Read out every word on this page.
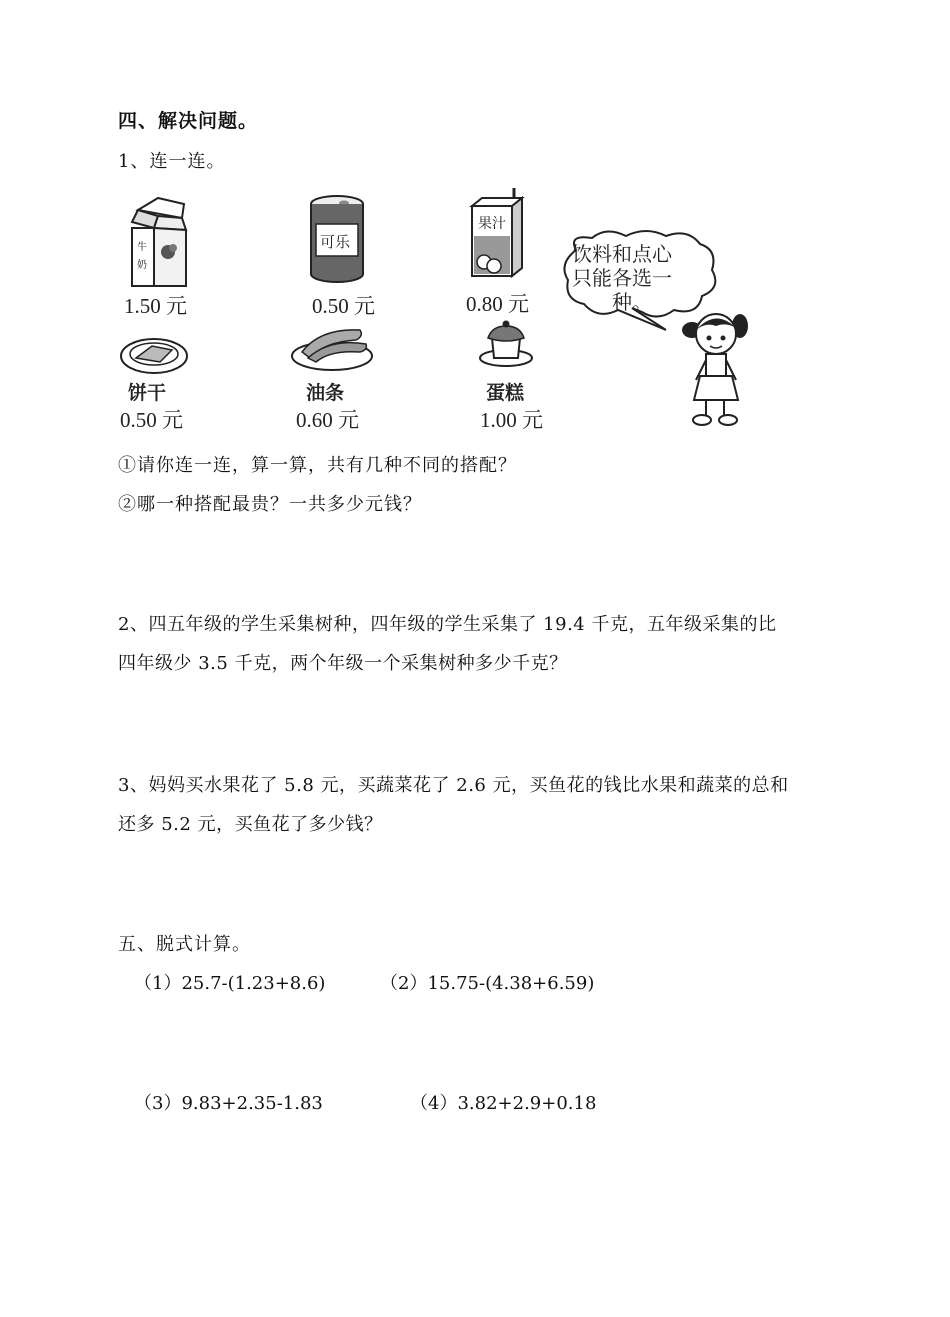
四、解决问题。
1、连一连。
牛
奶
1.50 元
可乐
0.50 元
果汁
0.80 元
饮料和点心
只能各选一
种。
饼干
0.50 元
油条
0.60 元
蛋糕
1.00 元
①请你连一连，算一算，共有几种不同的搭配？
②哪一种搭配最贵？一共多少元钱？
2、四五年级的学生采集树种，四年级的学生采集了 19.4 千克，五年级采集的比
四年级少 3.5 千克，两个年级一个采集树种多少千克？
3、妈妈买水果花了 5.8 元，买蔬菜花了 2.6 元，买鱼花的钱比水果和蔬菜的总和
还多 5.2 元，买鱼花了多少钱？
五、脱式计算。
（1）25.7-(1.23+8.6)	（2）15.75-(4.38+6.59)
（3）9.83+2.35-1.83	（4）3.82+2.9+0.18
